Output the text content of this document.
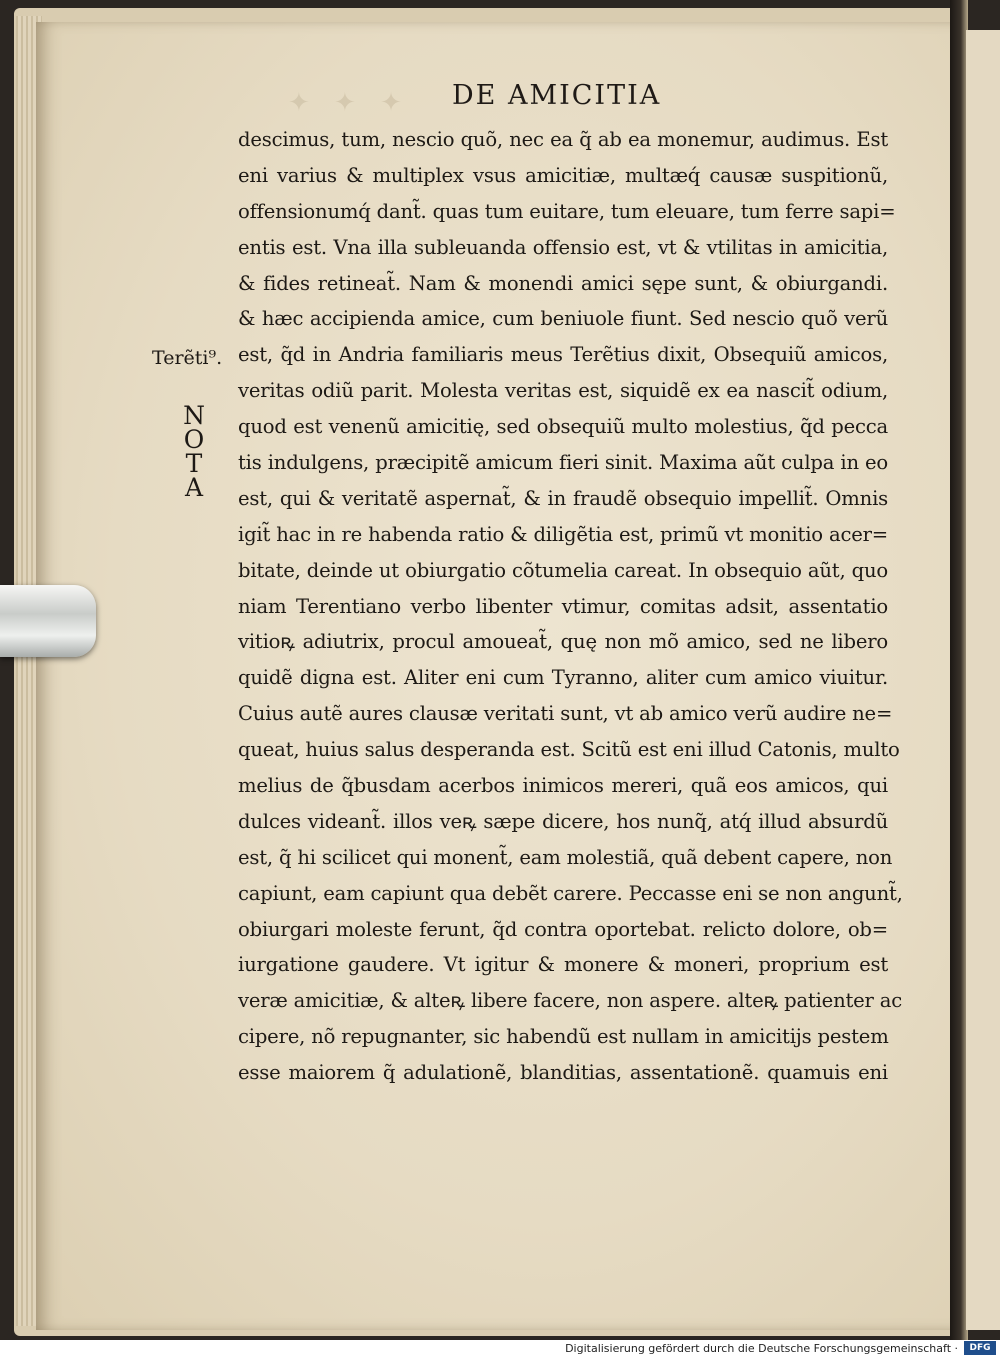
✦ ✦ ✦ DE AMICITIA
Terẽti⁹.
N
O
T
A
descimus, tum, nescio quõ, nec ea q̃ ab ea monemur, audimus. Est
eni varius & multiplex vsus amicitiæ, multæq́ causæ suspitionũ,
offensionumq́ dant̃. quas tum euitare, tum eleuare, tum ferre sapi=
entis est. Vna illa subleuanda offensio est, vt & vtilitas in amicitia,
& fides retineat̃. Nam & monendi amici sępe sunt, & obiurgandi.
& hæc accipienda amice, cum beniuole fiunt. Sed nescio quõ verũ
est, q̃d in Andria familiaris meus Terẽtius dixit, Obsequiũ amicos,
veritas odiũ parit. Molesta veritas est, siquidẽ ex ea nascit̃ odium,
quod est venenũ amicitię, sed obsequiũ multo molestius, q̃d pecca
tis indulgens, præcipitẽ amicum fieri sinit. Maxima aũt culpa in eo
est, qui & veritatẽ aspernat̃, & in fraudẽ obsequio impellit̃. Omnis
igit̃ hac in re habenda ratio & diligẽtia est, primũ vt monitio acer=
bitate, deinde ut obiurgatio cõtumelia careat. In obsequio aũt, quo
niam Terentiano verbo libenter vtimur, comitas adsit, assentatio
vitioꝶ adiutrix, procul amoueat̃, quę non mõ amico, sed ne libero
quidẽ digna est. Aliter eni cum Tyranno, aliter cum amico viuitur.
Cuius autẽ aures clausæ veritati sunt, vt ab amico verũ audire ne=
queat, huius salus desperanda est. Scitũ est eni illud Catonis, multo
melius de q̃busdam acerbos inimicos mereri, quã eos amicos, qui
dulces videant̃. illos veꝶ sæpe dicere, hos nunq̃, atq́ illud absurdũ
est, q̃ hi scilicet qui monent̃, eam molestiã, quã debent capere, non
capiunt, eam capiunt qua debẽt carere. Peccasse eni se non angunt̃,
obiurgari moleste ferunt, q̃d contra oportebat. relicto dolore, ob=
iurgatione gaudere. Vt igitur & monere & moneri, proprium est
veræ amicitiæ, & alteꝶ libere facere, non aspere. alteꝶ patienter ac
cipere, nõ repugnanter, sic habendũ est nullam in amicitijs pestem
esse maiorem q̃ adulationẽ, blanditias, assentationẽ. quamuis eni
Digitalisierung gefördert durch die Deutsche Forschungsgemeinschaft ·	DFG
